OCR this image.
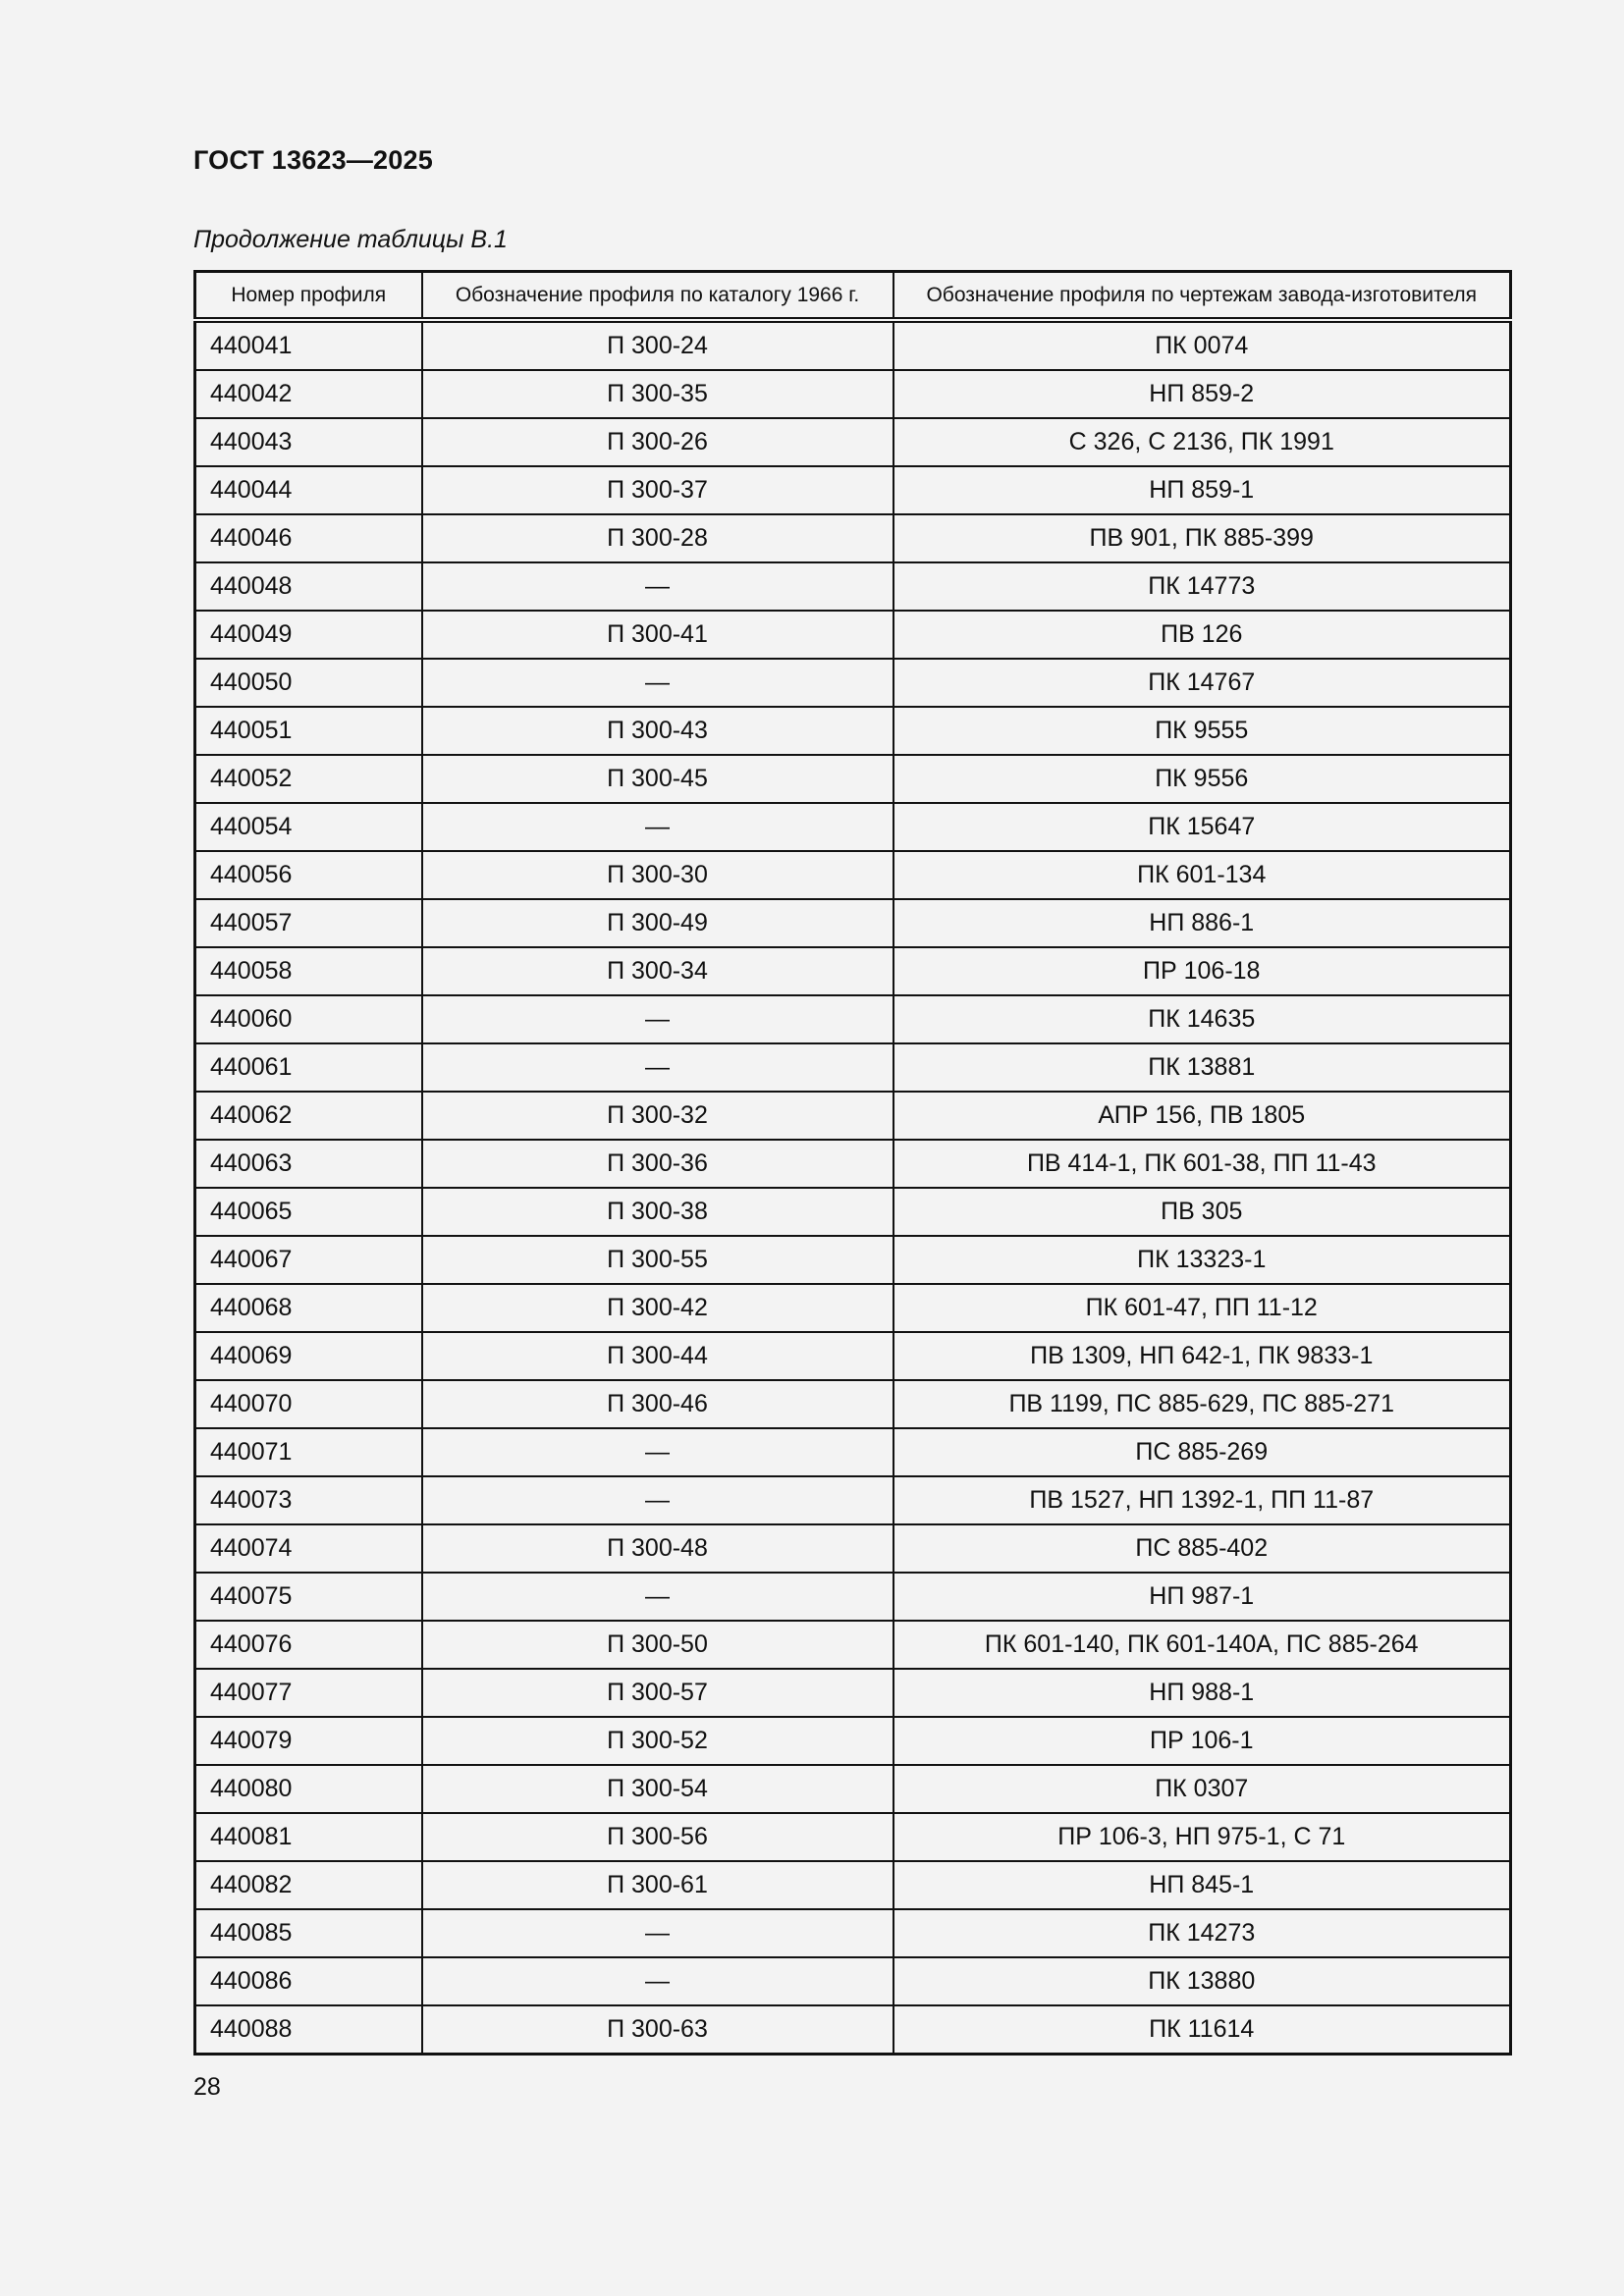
ГОСТ 13623—2025
Продолжение таблицы В.1
Номер профиля	Обозначение профиля по каталогу 1966 г.	Обозначение профиля по чертежам завода-изготовителя
440041	П 300-24	ПК 0074
440042	П 300-35	НП 859-2
440043	П 300-26	С 326, С 2136, ПК 1991
440044	П 300-37	НП 859-1
440046	П 300-28	ПВ 901, ПК 885-399
440048	—	ПК 14773
440049	П 300-41	ПВ 126
440050	—	ПК 14767
440051	П 300-43	ПК 9555
440052	П 300-45	ПК 9556
440054	—	ПК 15647
440056	П 300-30	ПК 601-134
440057	П 300-49	НП 886-1
440058	П 300-34	ПР 106-18
440060	—	ПК 14635
440061	—	ПК 13881
440062	П 300-32	АПР 156, ПВ 1805
440063	П 300-36	ПВ 414-1, ПК 601-38, ПП 11-43
440065	П 300-38	ПВ 305
440067	П 300-55	ПК 13323-1
440068	П 300-42	ПК 601-47, ПП 11-12
440069	П 300-44	ПВ 1309, НП 642-1, ПК 9833-1
440070	П 300-46	ПВ 1199, ПС 885-629, ПС 885-271
440071	—	ПС 885-269
440073	—	ПВ 1527, НП 1392-1, ПП 11-87
440074	П 300-48	ПС 885-402
440075	—	НП 987-1
440076	П 300-50	ПК 601-140, ПК 601-140А, ПС 885-264
440077	П 300-57	НП 988-1
440079	П 300-52	ПР 106-1
440080	П 300-54	ПК 0307
440081	П 300-56	ПР 106-3, НП 975-1, С 71
440082	П 300-61	НП 845-1
440085	—	ПК 14273
440086	—	ПК 13880
440088	П 300-63	ПК 11614
28
